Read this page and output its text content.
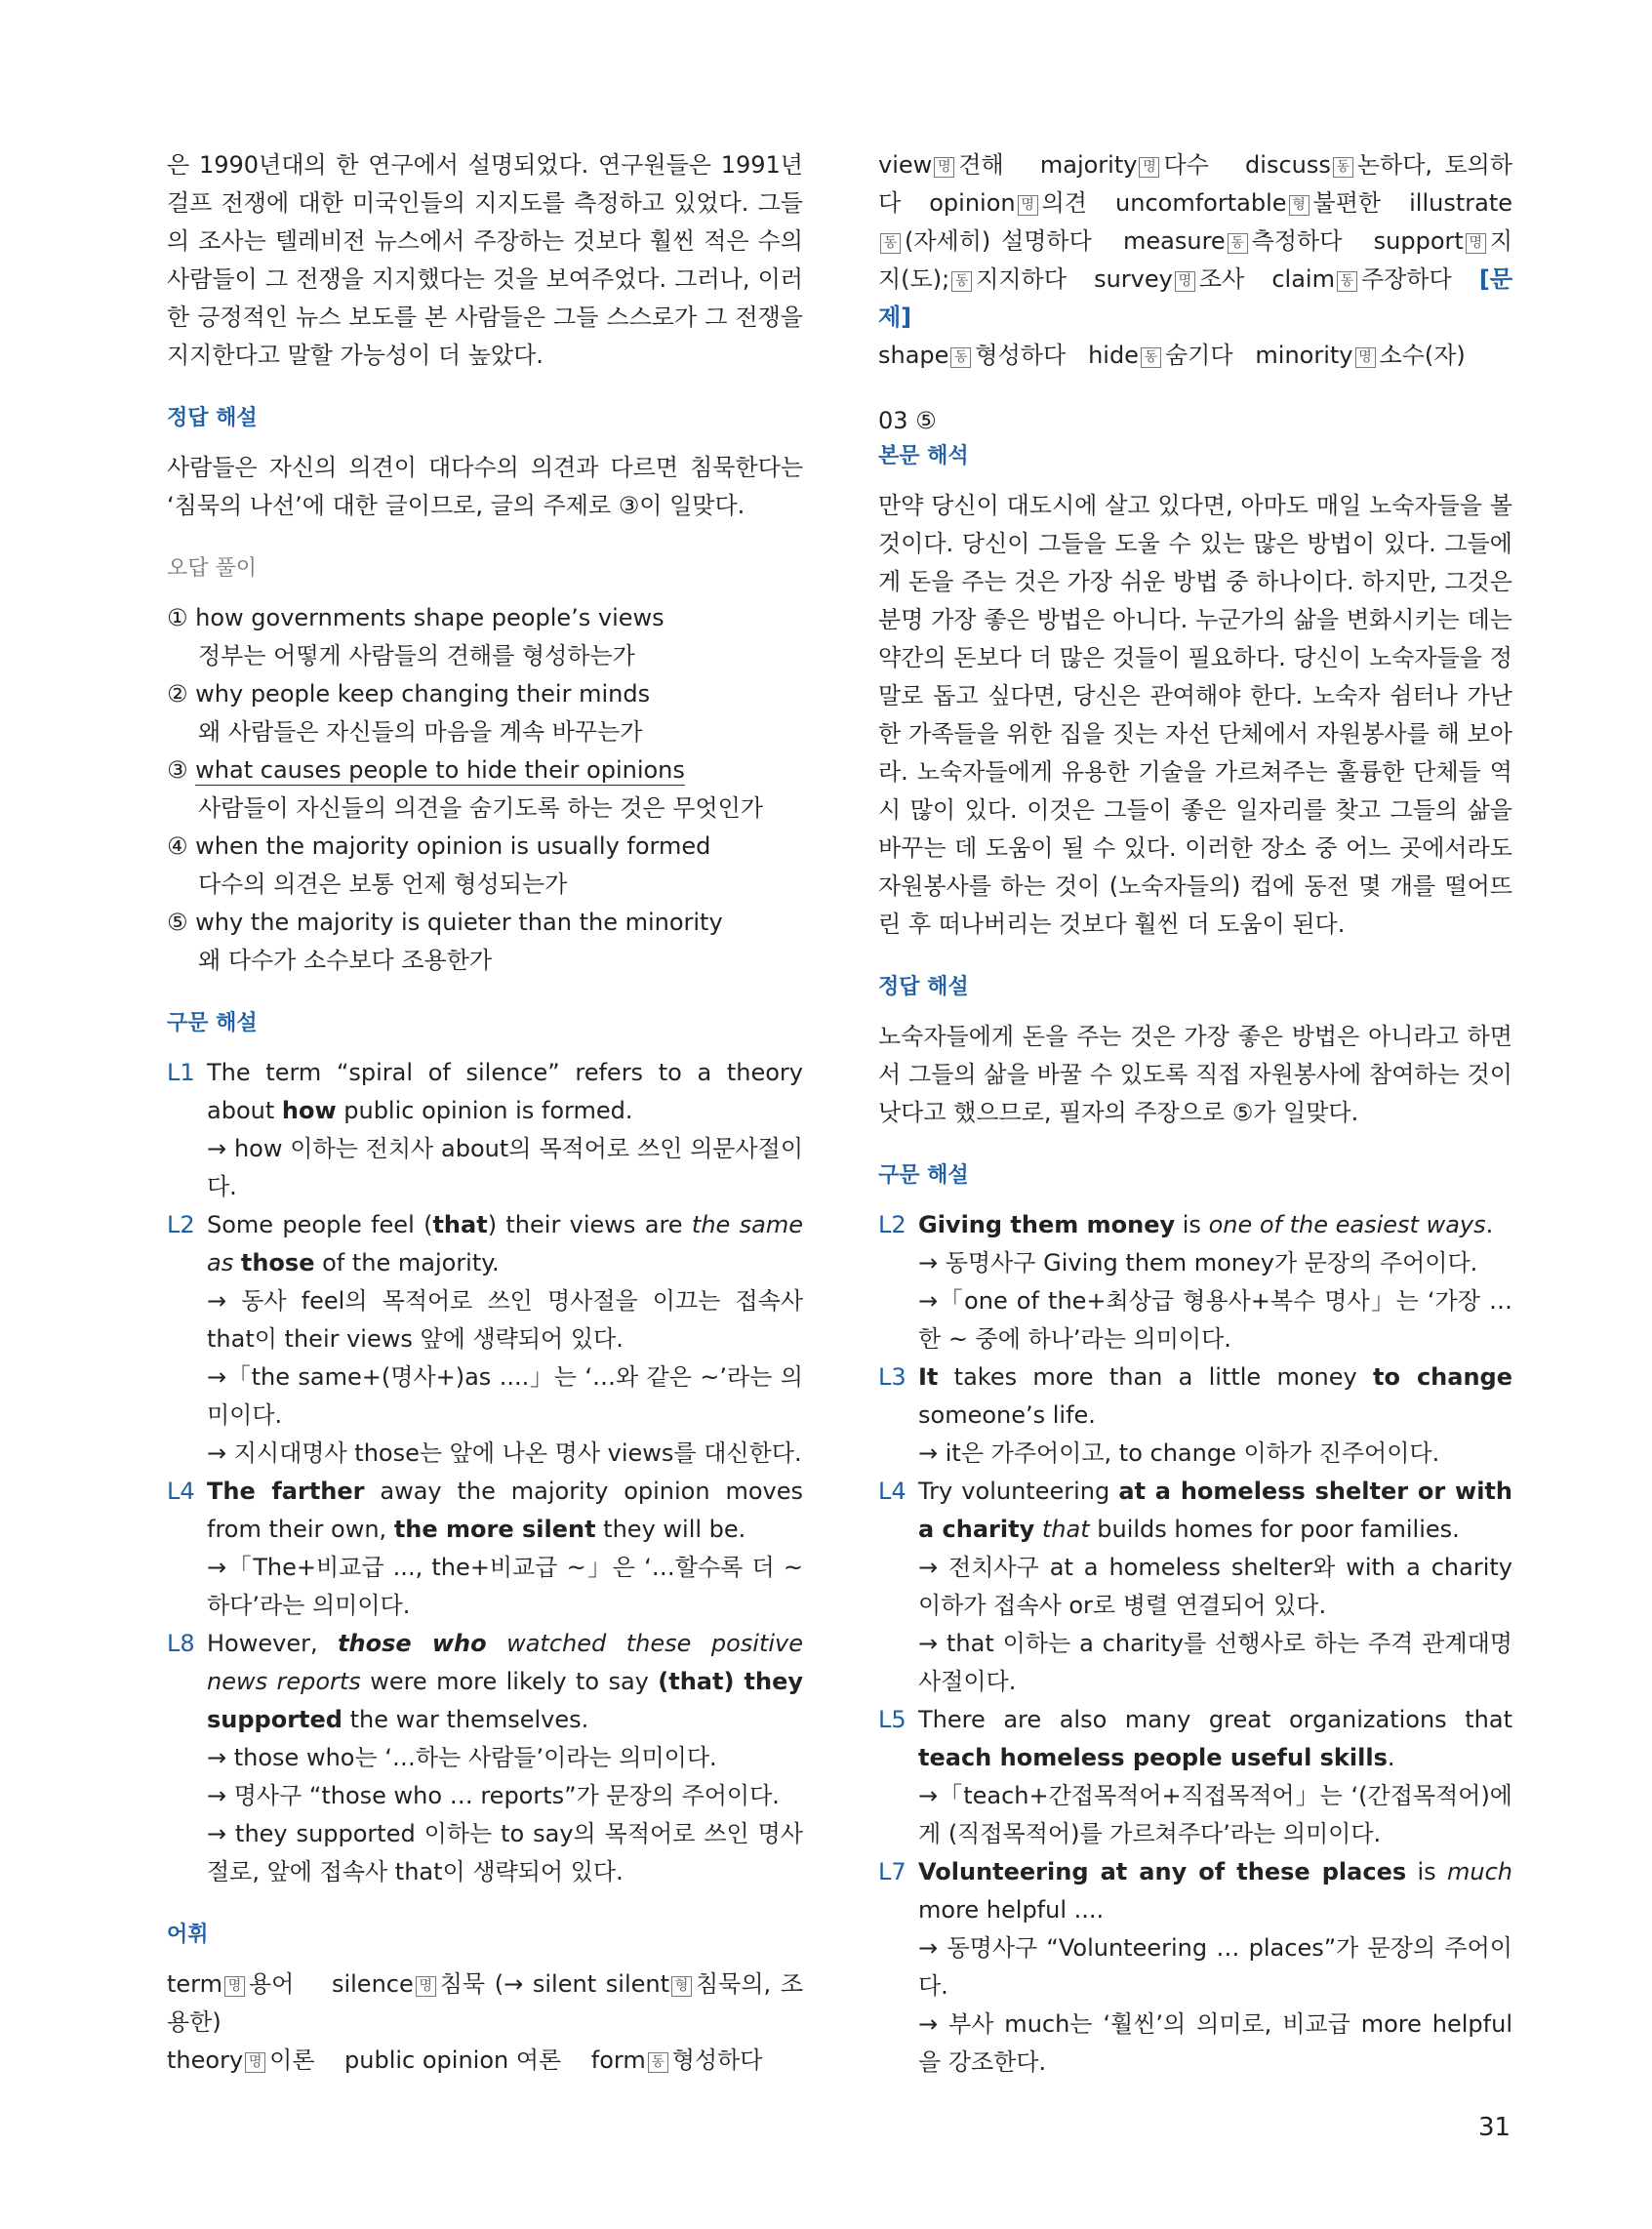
은 1990년대의 한 연구에서 설명되었다. 연구원들은 1991년 걸프 전쟁에 대한 미국인들의 지지도를 측정하고 있었다. 그들의 조사는 텔레비전 뉴스에서 주장하는 것보다 훨씬 적은 수의 사람들이 그 전쟁을 지지했다는 것을 보여주었다. 그러나, 이러한 긍정적인 뉴스 보도를 본 사람들은 그들 스스로가 그 전쟁을 지지한다고 말할 가능성이 더 높았다.

정답 해설

사람들은 자신의 의견이 대다수의 의견과 다르면 침묵한다는 ‘침묵의 나선’에 대한 글이므로, 글의 주제로 ③이 일맞다.

오답 풀이

① how governments shape people’s views

정부는 어떻게 사람들의 견해를 형성하는가

② why people keep changing their minds

왜 사람들은 자신들의 마음을 계속 바꾸는가

③ what causes people to hide their opinions

사람들이 자신들의 의견을 숨기도록 하는 것은 무엇인가

④ when the majority opinion is usually formed

다수의 의견은 보통 언제 형성되는가

⑤ why the majority is quieter than the minority

왜 다수가 소수보다 조용한가

구문 해설

L1 The term “spiral of silence” refers to a theory about how public opinion is formed.

→ how 이하는 전치사 about의 목적어로 쓰인 의문사절이다.

L2 Some people feel (that) their views are the same as those of the majority.

→ 동사 feel의 목적어로 쓰인 명사절을 이끄는 접속사 that이 their views 앞에 생략되어 있다.

→「the same+(명사+)as ....」는 ‘…와 같은 ~’라는 의미이다.

→ 지시대명사 those는 앞에 나온 명사 views를 대신한다.

L4 The farther away the majority opinion moves from their own, the more silent they will be.

→「The+비교급 ..., the+비교급 ~」은 ‘…할수록 더 ~하다’라는 의미이다.

L8 However, those who watched these positive news reports were more likely to say (that) they supported the war themselves.

→ those who는 ‘…하는 사람들’이라는 의미이다.

→ 명사구 “those who … reports”가 문장의 주어이다.

→ they supported 이하는 to say의 목적어로 쓰인 명사절로, 앞에 접속사 that이 생략되어 있다.

어휘

term 명 용어 silence 명 침묵 (→ silent silent 형 침묵의, 조용한)
theory 명 이론 public opinion 여론 form 동 형성하다

view 명 견해 majority 명 다수 discuss 동 논하다, 토의하다 opinion 명 의견 uncomfortable 형 불편한 illustrate동 (자세히) 설명하다 measure 동 측정하다 support 명 지지(도); 동 지지하다 survey 명 조사 claim 동 주장하다 [문제]
shape 동 형성하다 hide 동 숨기다 minority 명 소수(자)

03 ⑤

본문 해석

만약 당신이 대도시에 살고 있다면, 아마도 매일 노숙자들을 볼 것이다. 당신이 그들을 도울 수 있는 많은 방법이 있다. 그들에게 돈을 주는 것은 가장 쉬운 방법 중 하나이다. 하지만, 그것은 분명 가장 좋은 방법은 아니다. 누군가의 삶을 변화시키는 데는 약간의 돈보다 더 많은 것들이 필요하다. 당신이 노숙자들을 정말로 돕고 싶다면, 당신은 관여해야 한다. 노숙자 쉼터나 가난한 가족들을 위한 집을 짓는 자선 단체에서 자원봉사를 해 보아라. 노숙자들에게 유용한 기술을 가르쳐주는 훌륭한 단체들 역시 많이 있다. 이것은 그들이 좋은 일자리를 찾고 그들의 삶을 바꾸는 데 도움이 될 수 있다. 이러한 장소 중 어느 곳에서라도 자원봉사를 하는 것이 (노숙자들의) 컵에 동전 몇 개를 떨어뜨린 후 떠나버리는 것보다 훨씬 더 도움이 된다.

정답 해설

노숙자들에게 돈을 주는 것은 가장 좋은 방법은 아니라고 하면서 그들의 삶을 바꿀 수 있도록 직접 자원봉사에 참여하는 것이 낫다고 했으므로, 필자의 주장으로 ⑤가 일맞다.

구문 해설

L2 Giving them money is one of the easiest ways.

→ 동명사구 Giving them money가 문장의 주어이다.

→「one of the+최상급 형용사+복수 명사」는 ‘가장 …한 ~ 중에 하나’라는 의미이다.

L3 It takes more than a little money to change someone’s life.

→ it은 가주어이고, to change 이하가 진주어이다.

L4 Try volunteering at a homeless shelter or with a charity that builds homes for poor families.

→ 전치사구 at a homeless shelter와 with a charity 이하가 접속사 or로 병렬 연결되어 있다.

→ that 이하는 a charity를 선행사로 하는 주격 관계대명사절이다.

L5 There are also many great organizations that teach homeless people useful skills.

→「teach+간접목적어+직접목적어」는 ‘(간접목적어)에게 (직접목적어)를 가르쳐주다’라는 의미이다.

L7 Volunteering at any of these places is much more helpful ....

→ 동명사구 “Volunteering … places”가 문장의 주어이다.

→ 부사 much는 ‘훨씬’의 의미로, 비교급 more helpful을 강조한다.

31
